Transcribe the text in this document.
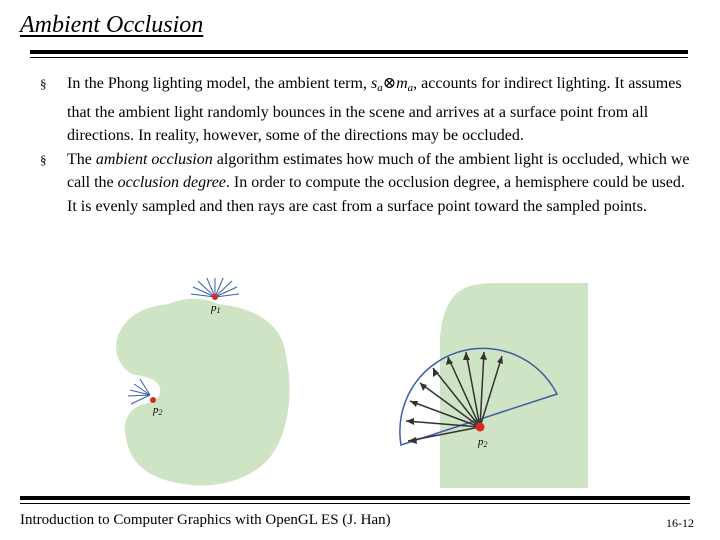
Ambient Occlusion
§ In the Phong lighting model, the ambient term, $s_a\otimes m_a$, accounts for indirect lighting. It assumes that the ambient light randomly bounces in the scene and arrives at a surface point from all directions. In reality, however, some of the directions may be occluded.
§ The ambient occlusion algorithm estimates how much of the ambient light is occluded, which we call the occlusion degree. In order to compute the occlusion degree, a hemisphere could be used. It is evenly sampled and then rays are cast from a surface point toward the sampled points.
p1
p2
p2
Introduction to Computer Graphics with OpenGL ES (J. Han)	16-12
